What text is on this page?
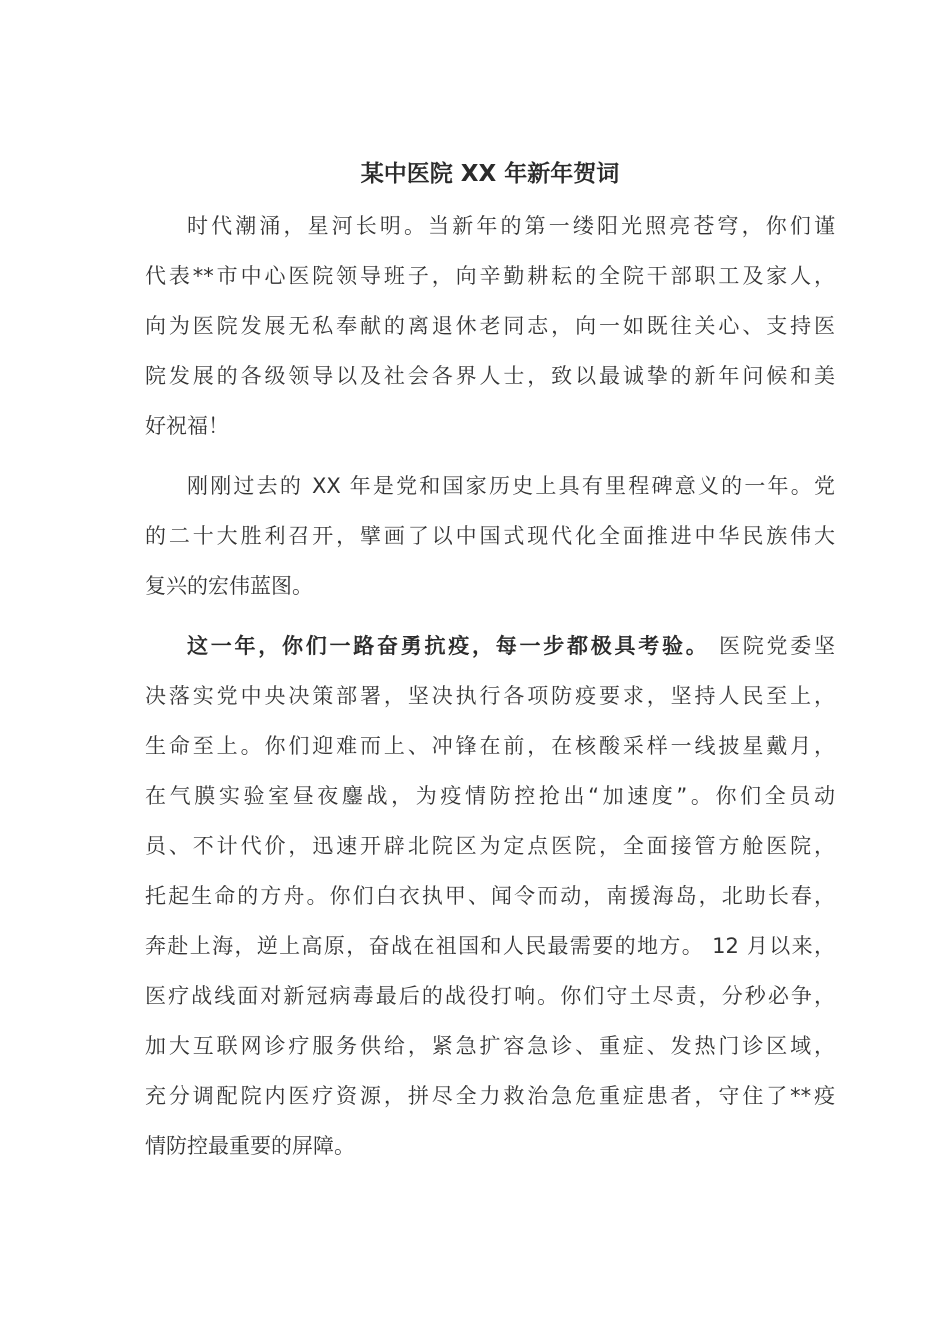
某中医院 XX 年新年贺词
时代潮涌，星河长明。当新年的第一缕阳光照亮苍穹，你们谨
代表**市中心医院领导班子，向辛勤耕耘的全院干部职工及家人，
向为医院发展无私奉献的离退休老同志，向一如既往关心、支持医
院发展的各级领导以及社会各界人士，致以最诚挚的新年问候和美
好祝福！
刚刚过去的 XX 年是党和国家历史上具有里程碑意义的一年。党
的二十大胜利召开，擘画了以中国式现代化全面推进中华民族伟大
复兴的宏伟蓝图。
这一年，你们一路奋勇抗疫，每一步都极具考验。 医院党委坚
决落实党中央决策部署，坚决执行各项防疫要求，坚持人民至上，
生命至上。你们迎难而上、冲锋在前，在核酸采样一线披星戴月，
在气膜实验室昼夜鏖战，为疫情防控抢出“加速度”。你们全员动
员、不计代价，迅速开辟北院区为定点医院，全面接管方舱医院，
托起生命的方舟。你们白衣执甲、闻令而动，南援海岛，北助长春，
奔赴上海，逆上高原，奋战在祖国和人民最需要的地方。 12 月以来，
医疗战线面对新冠病毒最后的战役打响。你们守土尽责，分秒必争，
加大互联网诊疗服务供给，紧急扩容急诊、重症、发热门诊区域，
充分调配院内医疗资源，拼尽全力救治急危重症患者，守住了**疫
情防控最重要的屏障。
